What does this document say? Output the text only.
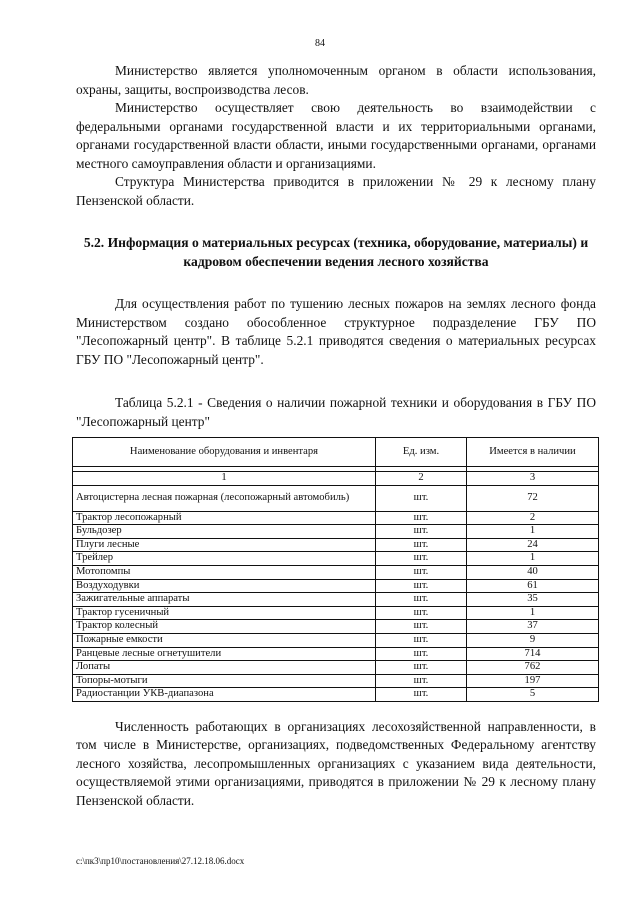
84

Министерство является уполномоченным органом в области использования, охраны, защиты, воспроизводства лесов.

Министерство осуществляет свою деятельность во взаимодействии с федеральными органами государственной власти и их территориальными органами, органами государственной власти области, иными государственными органами, органами местного самоуправления области и организациями.

Структура Министерства приводится в приложении № 29 к лесному плану Пензенской области.

5.2. Информация о материальных ресурсах (техника, оборудование, материалы) и кадровом обеспечении ведения лесного хозяйства

Для осуществления работ по тушению лесных пожаров на землях лесного фонда Министерством создано обособленное структурное подразделение ГБУ ПО "Лесопожарный центр". В таблице 5.2.1 приводятся сведения о материальных ресурсах ГБУ ПО "Лесопожарный центр".

Таблица 5.2.1 - Сведения о наличии пожарной техники и оборудования в ГБУ ПО "Лесопожарный центр"

Наименование оборудования и инвентаря	Ед. изм.	Имеется в наличии

1	2	3
Автоцистерна лесная пожарная (лесопожарный автомобиль)	шт.	72
Трактор лесопожарный	шт.	2
Бульдозер	шт.	1
Плуги лесные	шт.	24
Трейлер	шт.	1
Мотопомпы	шт.	40
Воздуходувки	шт.	61
Зажигательные аппараты	шт.	35
Трактор гусеничный	шт.	1
Трактор колесный	шт.	37
Пожарные емкости	шт.	9
Ранцевые лесные огнетушители	шт.	714
Лопаты	шт.	762
Топоры-мотыги	шт.	197
Радиостанции УКВ-диапазона	шт.	5

Численность работающих в организациях лесохозяйственной направленности, в том числе в Министерстве, организациях, подведомственных Федеральному агентству лесного хозяйства, лесопромышленных организациях с указанием вида деятельности, осуществляемой этими организациями, приводятся в приложении № 29 к лесному плану Пензенской области.

c:\пк3\пр10\постановления\27.12.18.06.docx
